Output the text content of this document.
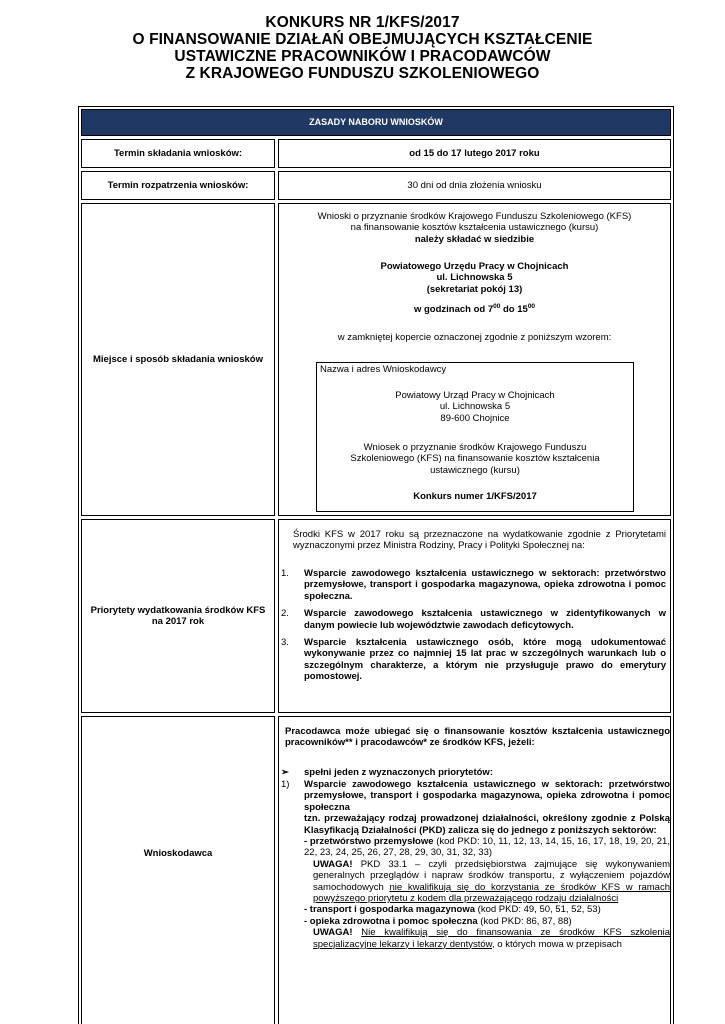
KONKURS NR 1/KFS/2017
O FINANSOWANIE DZIAŁAŃ OBEJMUJĄCYCH KSZTAŁCENIE
USTAWICZNE PRACOWNIKÓW I PRACODAWCÓW
Z KRAJOWEGO FUNDUSZU SZKOLENIOWEGO
ZASADY NABORU WNIOSKÓW
Termin składania wniosków:	od 15 do 17 lutego 2017 roku
Termin rozpatrzenia wniosków:	30 dni od dnia złożenia wniosku
Miejsce i sposób składania wniosków
Wnioski o przyznanie środków Krajowego Funduszu Szkoleniowego (KFS)
na finansowanie kosztów kształcenia ustawicznego (kursu)
należy składać w siedzibie
Powiatowego Urzędu Pracy w Chojnicach
ul. Lichnowska 5
(sekretariat pokój 13)
w godzinach od $7^{00}$ do $15^{00}$
w zamkniętej kopercie oznaczonej zgodnie z poniższym wzorem:
Nazwa i adres Wnioskodawcy
Powiatowy Urząd Pracy w Chojnicach
ul. Lichnowska 5
89-600 Chojnice
Wniosek o przyznanie środków Krajowego Funduszu
Szkoleniowego (KFS) na finansowanie kosztów kształcenia
ustawicznego (kursu)
Konkurs numer 1/KFS/2017
Priorytety wydatkowania środków KFS na 2017 rok
Środki KFS w 2017 roku są przeznaczone na wydatkowanie zgodnie z Priorytetami wyznaczonymi przez Ministra Rodziny, Pracy i Polityki Społecznej na:
1. Wsparcie zawodowego kształcenia ustawicznego w sektorach: przetwórstwo przemysłowe, transport i gospodarka magazynowa, opieka zdrowotna i pomoc społeczna.
2. Wsparcie zawodowego kształcenia ustawicznego w zidentyfikowanych w danym powiecie lub województwie zawodach deficytowych.
3. Wsparcie kształcenia ustawicznego osób, które mogą udokumentować wykonywanie przez co najmniej 15 lat prac w szczególnych warunkach lub o szczególnym charakterze, a którym nie przysługuje prawo do emerytury pomostowej.
Wnioskodawca
Pracodawca może ubiegać się o finansowanie kosztów kształcenia ustawicznego pracowników** i pracodawców* ze środków KFS, jeżeli:
➢ spełni jeden z wyznaczonych priorytetów:
1) Wsparcie zawodowego kształcenia ustawicznego w sektorach: przetwórstwo przemysłowe, transport i gospodarka magazynowa, opieka zdrowotna i pomoc społeczna
tzn. przeważający rodzaj prowadzonej działalności, określony zgodnie z Polską Klasyfikacją Działalności (PKD) zalicza się do jednego z poniższych sektorów:
- przetwórstwo przemysłowe (kod PKD: 10, 11, 12, 13, 14, 15, 16, 17, 18, 19, 20, 21, 22, 23, 24, 25, 26, 27, 28, 29, 30, 31, 32, 33)
UWAGA! PKD 33.1 – czyli przedsiębiorstwa zajmujące się wykonywaniem generalnych przeglądów i napraw środków transportu, z wyłączeniem pojazdów samochodowych nie kwalifikują się do korzystania ze środków KFS w ramach powyższego priorytetu z kodem dla przeważającego rodzaju działalności
- transport i gospodarka magazynowa (kod PKD: 49, 50, 51, 52, 53)
- opieka zdrowotna i pomoc społeczna (kod PKD: 86, 87, 88)
UWAGA! Nie kwalifikują się do finansowania ze środków KFS szkolenia specjalizacyjne lekarzy i lekarzy dentystów, o których mowa w przepisach
